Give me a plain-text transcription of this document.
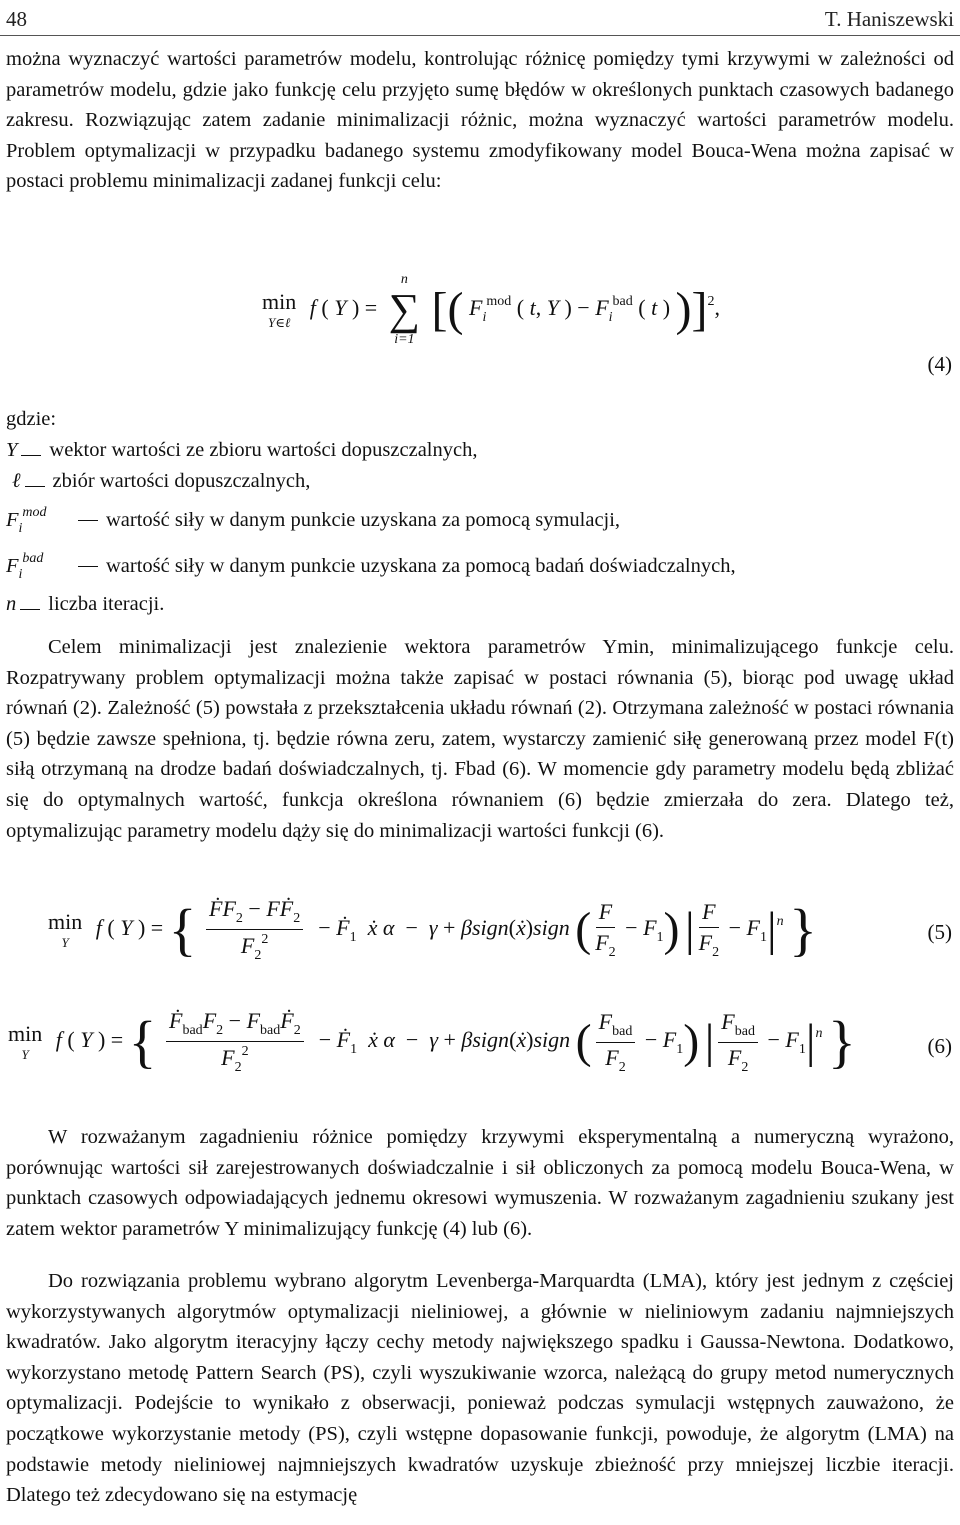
48	T. Haniszewski

można wyznaczyć wartości parametrów modelu, kontrolując różnicę pomiędzy tymi krzywymi w zależności od parametrów modelu, gdzie jako funkcję celu przyjęto sumę błędów w określonych punktach czasowych badanego zakresu. Rozwiązując zatem zadanie minimalizacji różnic, można wyznaczyć wartości parametrów modelu. Problem optymalizacji w przypadku badanego systemu zmodyfikowany model Bouca-Wena można zapisać w postaci problemu minimalizacji zadanej funkcji celu:

min
Y∈ℓ
f ( Y ) =
n
∑
i=1
[( $F_i^{mod}$ ( t, Y ) − $F_i^{bad}$ ( t ) )]$^2$,
(4)
gdzie:
Y wektor wartości ze zbioru wartości dopuszczalnych,
ℓ zbiór wartości dopuszczalnych,
$F_i^{mod}$	wartość siły w danym punkcie uzyskana za pomocą symulacji,
$F_i^{bad}$	wartość siły w danym punkcie uzyskana za pomocą badań doświadczalnych,
n liczba iteracji.

Celem minimalizacji jest znalezienie wektora parametrów Ymin, minimalizującego funkcje celu. Rozpatrywany problem optymalizacji można także zapisać w postaci równania (5), biorąc pod uwagę układ równań (2). Zależność (5) powstała z przekształcenia układu równań (2). Otrzymana zależność w postaci równania (5) będzie zawsze spełniona, tj. będzie równa zeru, zatem, wystarczy zamienić siłę generowaną przez model F(t) siłą otrzymaną na drodze badań doświadczalnych, tj. Fbad (6). W momencie gdy parametry modelu będą zbliżać się do optymalnych wartość, funkcja określona równaniem (6) będzie zmierzała do zera. Dlatego też, optymalizując parametry modelu dąży się do minimalizacji wartości funkcji (6).

min
Y
f ( Y ) = { $\frac{ḞF_2 - FḞ_2}{F_2^2}$ − Ḟ$_1$ ẋ α  −  γ + βsign(ẋ)sign ( $\frac{F}{F_2} - F_1$) | $\frac{F}{F_2} - F_1|^n$ }	(5)
min
Y
f ( Y ) = { $\frac{Ḟ_{bad}F_2 - F_{bad}Ḟ_2}{F_2^2}$ − Ḟ$_1$ ẋ α  −  γ + βsign(ẋ)sign ( $\frac{F_{bad}}{F_2} - F_1$) | $\frac{F_{bad}}{F_2} - F_1|^n$ }	(6)

W rozważanym zagadnieniu różnice pomiędzy krzywymi eksperymentalną a numeryczną wyrażono, porównując wartości sił zarejestrowanych doświadczalnie i sił obliczonych za pomocą modelu Bouca-Wena, w punktach czasowych odpowiadających jednemu okresowi wymuszenia. W rozważanym zagadnieniu szukany jest zatem wektor parametrów Y minimalizujący funkcję (4) lub (6).

Do rozwiązania problemu wybrano algorytm Levenberga-Marquardta (LMA), który jest jednym z częściej wykorzystywanych algorytmów optymalizacji nieliniowej, a głównie w nieliniowym zadaniu najmniejszych kwadratów. Jako algorytm iteracyjny łączy cechy metody największego spadku i Gaussa-Newtona. Dodatkowo, wykorzystano metodę Pattern Search (PS), czyli wyszukiwanie wzorca, należącą do grupy metod numerycznych optymalizacji. Podejście to wynikało z obserwacji, ponieważ podczas symulacji wstępnych zauważono, że początkowe wykorzystanie metody (PS), czyli wstępne dopasowanie funkcji, powoduje, że algorytm (LMA) na podstawie metody nieliniowej najmniejszych kwadratów uzyskuje zbieżność przy mniejszej liczbie iteracji. Dlatego też zdecydowano się na estymację
